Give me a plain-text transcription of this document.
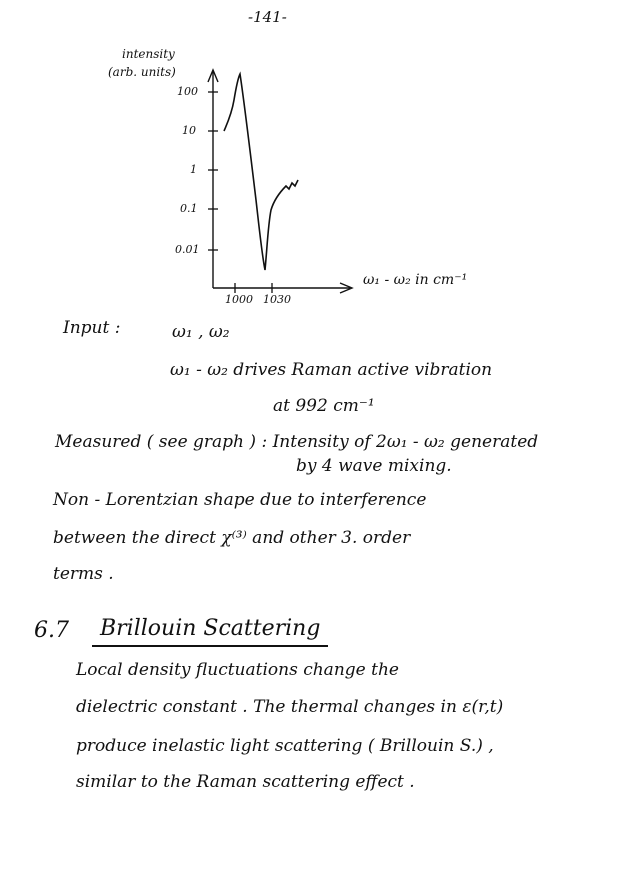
-141-
intensity
(arb. units)
100
10
1
0.1
0.01
1000 1030
ω₁ - ω₂ in cm⁻¹
Input :	ω₁ , ω₂
ω₁ - ω₂ drives Raman active vibration
at 992 cm⁻¹
Measured ( see graph ) : Intensity of 2ω₁ - ω₂ generated
by 4 wave mixing.
Non - Lorentzian shape due to interference
between the direct χ⁽³⁾ and other 3. order
terms .
6.7 Brillouin Scattering
Local density fluctuations change the
dielectric constant . The thermal changes in ε(r,t)
produce inelastic light scattering ( Brillouin S.) ,
similar to the Raman scattering effect .
